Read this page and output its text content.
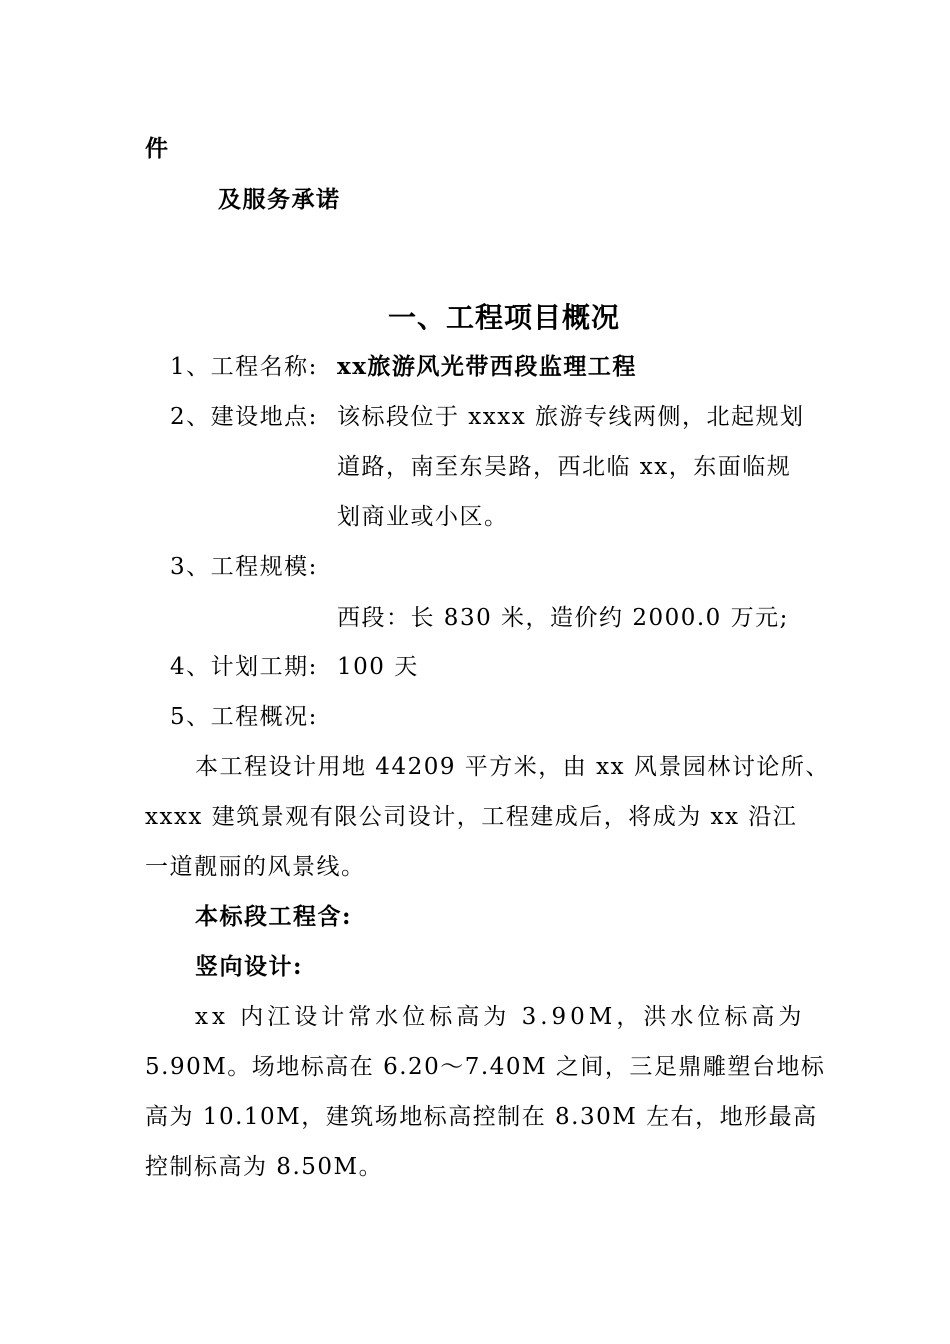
件
及服务承诺
一、工程项目概况
1、工程名称: xx旅游风光带西段监理工程
2、建设地点: 该标段位于 xxxx 旅游专线两侧，北起规划
道路，南至东吴路，西北临 xx，东面临规
划商业或小区。
3、工程规模:
西段：长 830 米，造价约 2000.0 万元;
4、计划工期: 100 天
5、工程概况:
本工程设计用地 44209 平方米，由 xx 风景园林讨论所、
xxxx 建筑景观有限公司设计，工程建成后，将成为 xx 沿江
一道靓丽的风景线。
本标段工程含:
竖向设计:
xx 内江设计常水位标高为 3.90M，洪水位标高为
5.90M。场地标高在 6.20～7.40M 之间，三足鼎雕塑台地标
高为 10.10M，建筑场地标高控制在 8.30M 左右，地形最高
控制标高为 8.50M。
